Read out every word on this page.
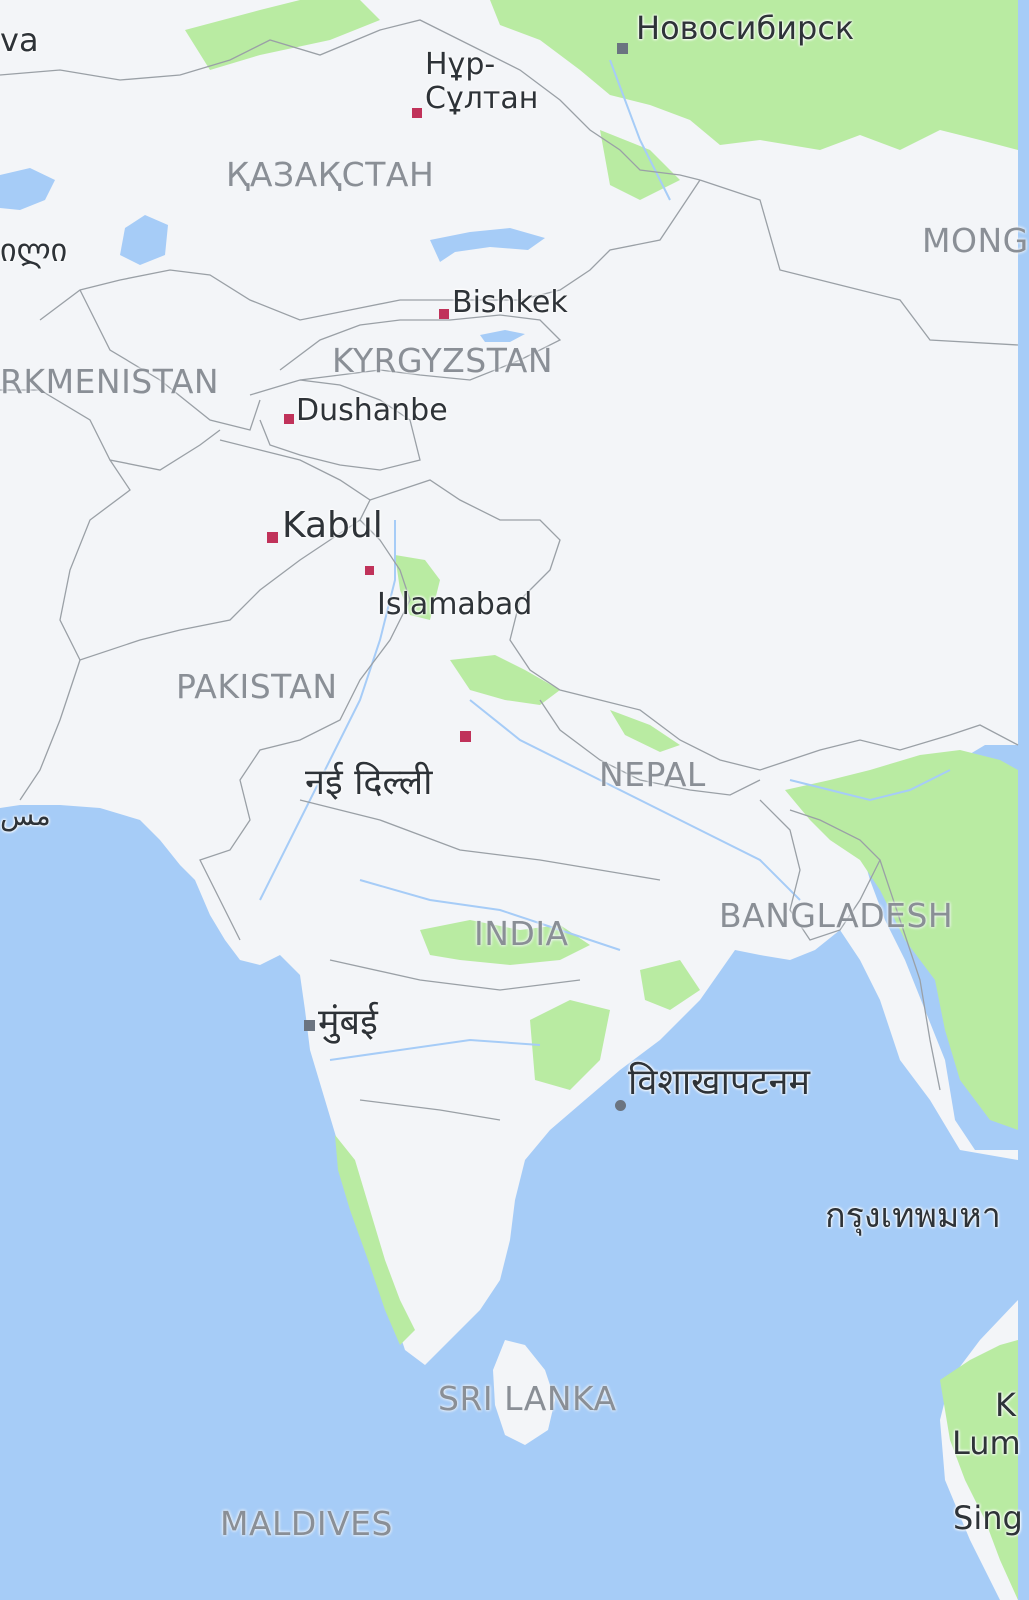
ҚАЗАҚСТАН
MONG
KYRGYZSTAN
RKMENISTAN
PAKISTAN
NEPAL
INDIA	BANGLADESH
SRI LANKA
MALDIVES
Новосибирск
Нұр-
Сұлтан
Bishkek
Dushanbe
Kabul
Islamabad
नई दिल्ली
मुंबई
विशाखापटनम
กรุงเทพมหา
K
Lum
Sing
va
ილი
مس
